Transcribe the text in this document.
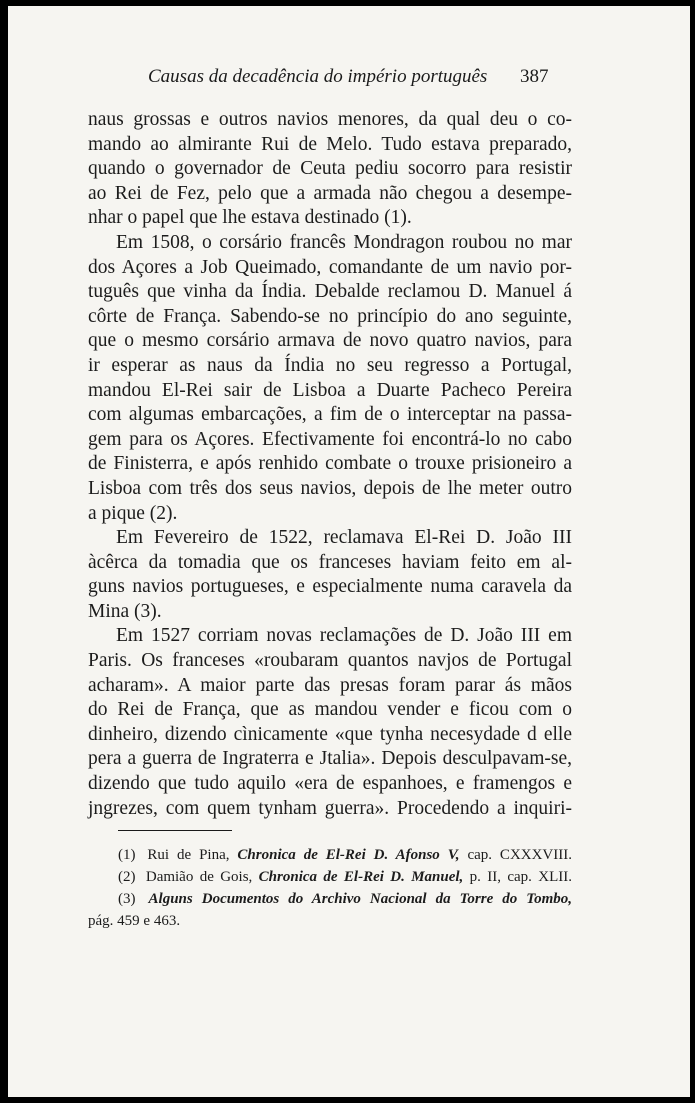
Causas da decadência do império português 387

naus grossas e outros navios menores, da qual deu o co-
mando ao almirante Rui de Melo. Tudo estava preparado,
quando o governador de Ceuta pediu socorro para resistir
ao Rei de Fez, pelo que a armada não chegou a desempe-
nhar o papel que lhe estava destinado (1).

Em 1508, o corsário francês Mondragon roubou no mar
dos Açores a Job Queimado, comandante de um navio por-
tuguês que vinha da Índia. Debalde reclamou D. Manuel á
côrte de França. Sabendo-se no princípio do ano seguinte,
que o mesmo corsário armava de novo quatro navios, para
ir esperar as naus da Índia no seu regresso a Portugal,
mandou El-Rei sair de Lisboa a Duarte Pacheco Pereira
com algumas embarcações, a fim de o interceptar na passa-
gem para os Açores. Efectivamente foi encontrá-lo no cabo
de Finisterra, e após renhido combate o trouxe prisioneiro a
Lisboa com três dos seus navios, depois de lhe meter outro
a pique (2).

Em Fevereiro de 1522, reclamava El-Rei D. João III
àcêrca da tomadia que os franceses haviam feito em al-
guns navios portugueses, e especialmente numa caravela da
Mina (3).

Em 1527 corriam novas reclamações de D. João III em
Paris. Os franceses «roubaram quantos navjos de Portugal
acharam». A maior parte das presas foram parar ás mãos
do Rei de França, que as mandou vender e ficou com o
dinheiro, dizendo cìnicamente «que tynha necesydade d elle
pera a guerra de Ingraterra e Jtalia». Depois desculpavam-se,
dizendo que tudo aquilo «era de espanhoes, e framengos e
jngrezes, com quem tynham guerra». Procedendo a inquiri-

(1) Rui de Pina, Chronica de El-Rei D. Afonso V, cap. CXXXVIII.
(2) Damião de Gois, Chronica de El-Rei D. Manuel, p. II, cap. XLII.
(3) Alguns Documentos do Archivo Nacional da Torre do Tombo,
pág. 459 e 463.
